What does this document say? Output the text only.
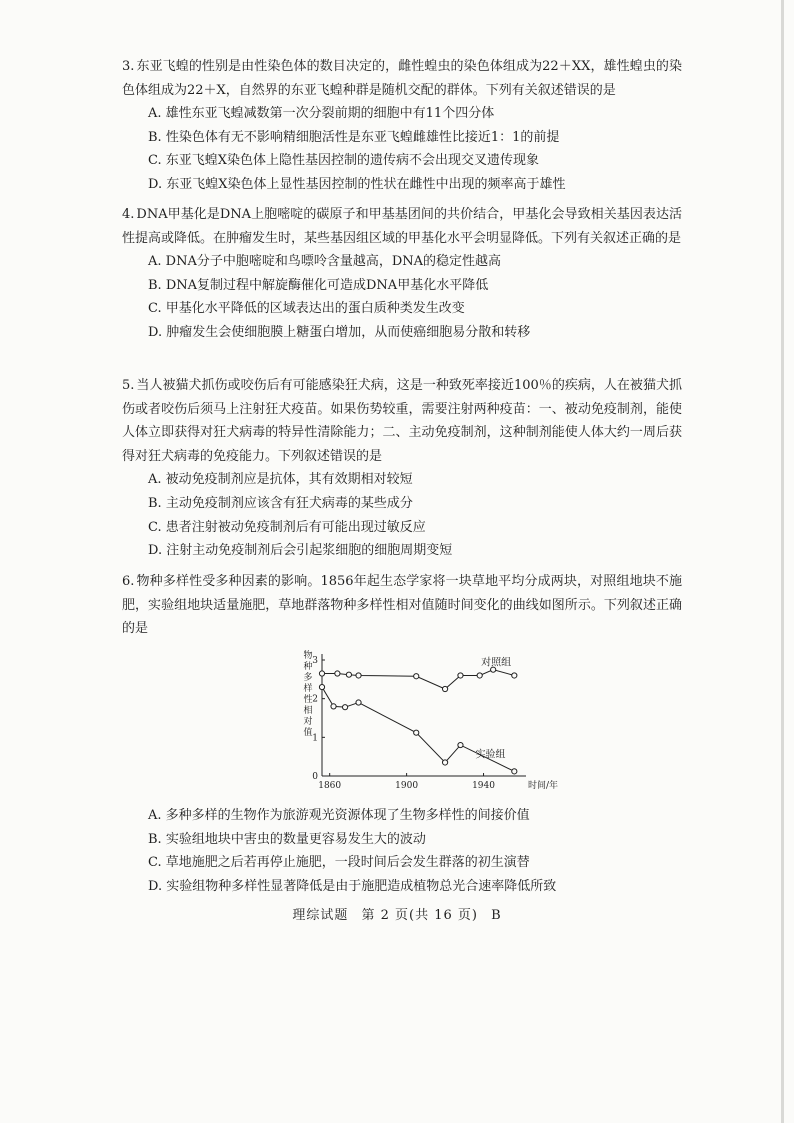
3. 东亚飞蝗的性别是由性染色体的数目决定的，雌性蝗虫的染色体组成为22＋XX，雄性蝗虫的染色体组成为22＋X，自然界的东亚飞蝗种群是随机交配的群体。下列有关叙述错误的是

A. 雄性东亚飞蝗减数第一次分裂前期的细胞中有11个四分体

B. 性染色体有无不影响精细胞活性是东亚飞蝗雌雄性比接近1：1的前提

C. 东亚飞蝗X染色体上隐性基因控制的遗传病不会出现交叉遗传现象

D. 东亚飞蝗X染色体上显性基因控制的性状在雌性中出现的频率高于雄性

4. DNA甲基化是DNA上胞嘧啶的碳原子和甲基基团间的共价结合，甲基化会导致相关基因表达活性提高或降低。在肿瘤发生时，某些基因组区域的甲基化水平会明显降低。下列有关叙述正确的是

A. DNA分子中胞嘧啶和鸟嘌呤含量越高，DNA的稳定性越高

B. DNA复制过程中解旋酶催化可造成DNA甲基化水平降低

C. 甲基化水平降低的区域表达出的蛋白质种类发生改变

D. 肿瘤发生会使细胞膜上糖蛋白增加，从而使癌细胞易分散和转移

5. 当人被猫犬抓伤或咬伤后有可能感染狂犬病，这是一种致死率接近100％的疾病，人在被猫犬抓伤或者咬伤后须马上注射狂犬疫苗。如果伤势较重，需要注射两种疫苗：一、被动免疫制剂，能使人体立即获得对狂犬病毒的特异性清除能力；二、主动免疫制剂，这种制剂能使人体大约一周后获得对狂犬病毒的免疫能力。下列叙述错误的是

A. 被动免疫制剂应是抗体，其有效期相对较短

B. 主动免疫制剂应该含有狂犬病毒的某些成分

C. 患者注射被动免疫制剂后有可能出现过敏反应

D. 注射主动免疫制剂后会引起浆细胞的细胞周期变短

6. 物种多样性受多种因素的影响。1856年起生态学家将一块草地平均分成两块，对照组地块不施肥，实验组地块适量施肥，草地群落物种多样性相对值随时间变化的曲线如图所示。下列叙述正确的是

0
1
2
3
1860	1900	1940	时间/年
物
种
多
样
性
相
对
值
对照组
实验组

A. 多种多样的生物作为旅游观光资源体现了生物多样性的间接价值

B. 实验组地块中害虫的数量更容易发生大的波动

C. 草地施肥之后若再停止施肥，一段时间后会发生群落的初生演替

D. 实验组物种多样性显著降低是由于施肥造成植物总光合速率降低所致

理综试题 第 2 页(共 16 页) B
